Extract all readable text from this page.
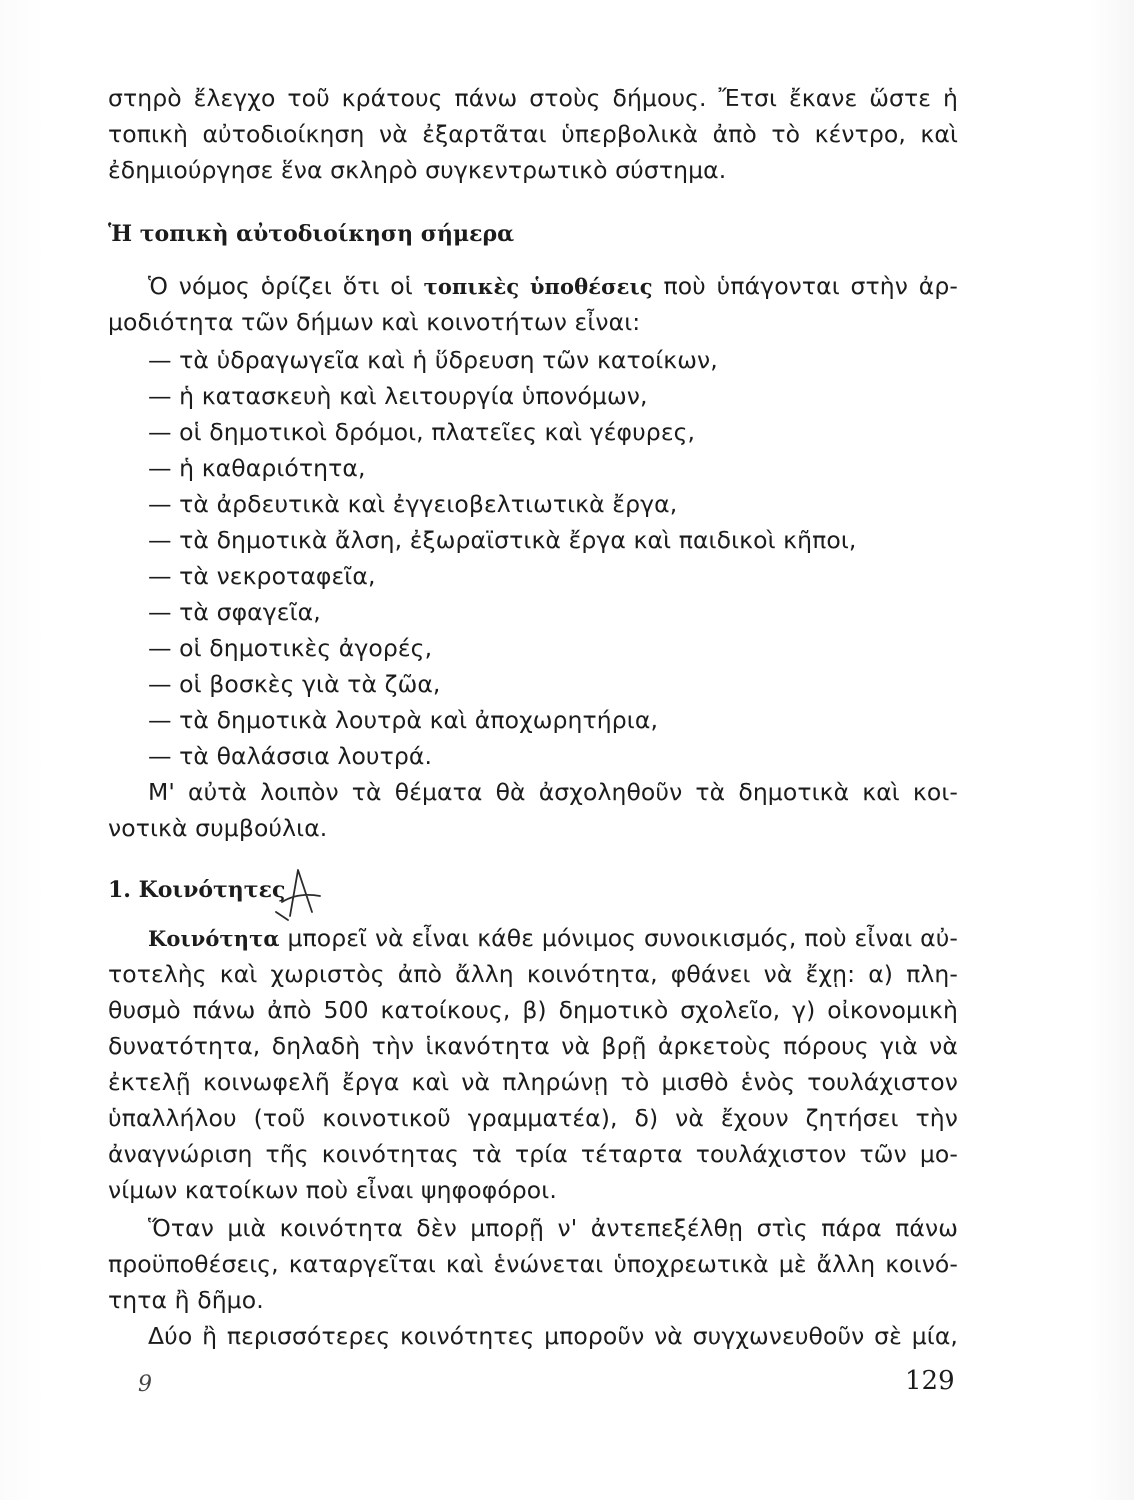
στηρὸ ἔλεγχο τοῦ κράτους πάνω στοὺς δήμους. Ἔτσι ἔκανε ὥστε ἡ
τοπικὴ αὐτοδιοίκηση νὰ ἐξαρτᾶται ὑπερβολικὰ ἀπὸ τὸ κέντρο, καὶ
ἐδημιούργησε ἕνα σκληρὸ συγκεντρωτικὸ σύστημα.
Ἡ τοπικὴ αὐτοδιοίκηση σήμερα
Ὁ νόμος ὁρίζει ὅτι οἱ τοπικὲς ὑποθέσεις ποὺ ὑπάγονται στὴν ἀρ-
μοδιότητα τῶν δήμων καὶ κοινοτήτων εἶναι:
— τὰ ὑδραγωγεῖα καὶ ἡ ὕδρευση τῶν κατοίκων,
— ἡ κατασκευὴ καὶ λειτουργία ὑπονόμων,
— οἱ δημοτικοὶ δρόμοι, πλατεῖες καὶ γέφυρες,
— ἡ καθαριότητα,
— τὰ ἀρδευτικὰ καὶ ἐγγειοβελτιωτικὰ ἔργα,
— τὰ δημοτικὰ ἄλση, ἐξωραϊστικὰ ἔργα καὶ παιδικοὶ κῆποι,
— τὰ νεκροταφεῖα,
— τὰ σφαγεῖα,
— οἱ δημοτικὲς ἀγορές,
— οἱ βοσκὲς γιὰ τὰ ζῶα,
— τὰ δημοτικὰ λουτρὰ καὶ ἀποχωρητήρια,
— τὰ θαλάσσια λουτρά.
Μ' αὐτὰ λοιπὸν τὰ θέματα θὰ ἀσχοληθοῦν τὰ δημοτικὰ καὶ κοι-
νοτικὰ συμβούλια.
1. Κοινότητες
Κοινότητα μπορεῖ νὰ εἶναι κάθε μόνιμος συνοικισμός, ποὺ εἶναι αὐ-
τοτελὴς καὶ χωριστὸς ἀπὸ ἄλλη κοινότητα, φθάνει νὰ ἔχῃ: α) πλη-
θυσμὸ πάνω ἀπὸ 500 κατοίκους, β) δημοτικὸ σχολεῖο, γ) οἰκονομικὴ
δυνατότητα, δηλαδὴ τὴν ἱκανότητα νὰ βρῇ ἀρκετοὺς πόρους γιὰ νὰ
ἐκτελῇ κοινωφελῆ ἔργα καὶ νὰ πληρώνῃ τὸ μισθὸ ἑνὸς τουλάχιστον
ὑπαλλήλου (τοῦ κοινοτικοῦ γραμματέα), δ) νὰ ἔχουν ζητήσει τὴν
ἀναγνώριση τῆς κοινότητας τὰ τρία τέταρτα τουλάχιστον τῶν μο-
νίμων κατοίκων ποὺ εἶναι ψηφοφόροι.
Ὅταν μιὰ κοινότητα δὲν μπορῇ ν' ἀντεπεξέλθῃ στὶς πάρα πάνω
προϋποθέσεις, καταργεῖται καὶ ἑνώνεται ὑποχρεωτικὰ μὲ ἄλλη κοινό-
τητα ἢ δῆμο.
Δύο ἢ περισσότερες κοινότητες μποροῦν νὰ συγχωνευθοῦν σὲ μία,
9	129
